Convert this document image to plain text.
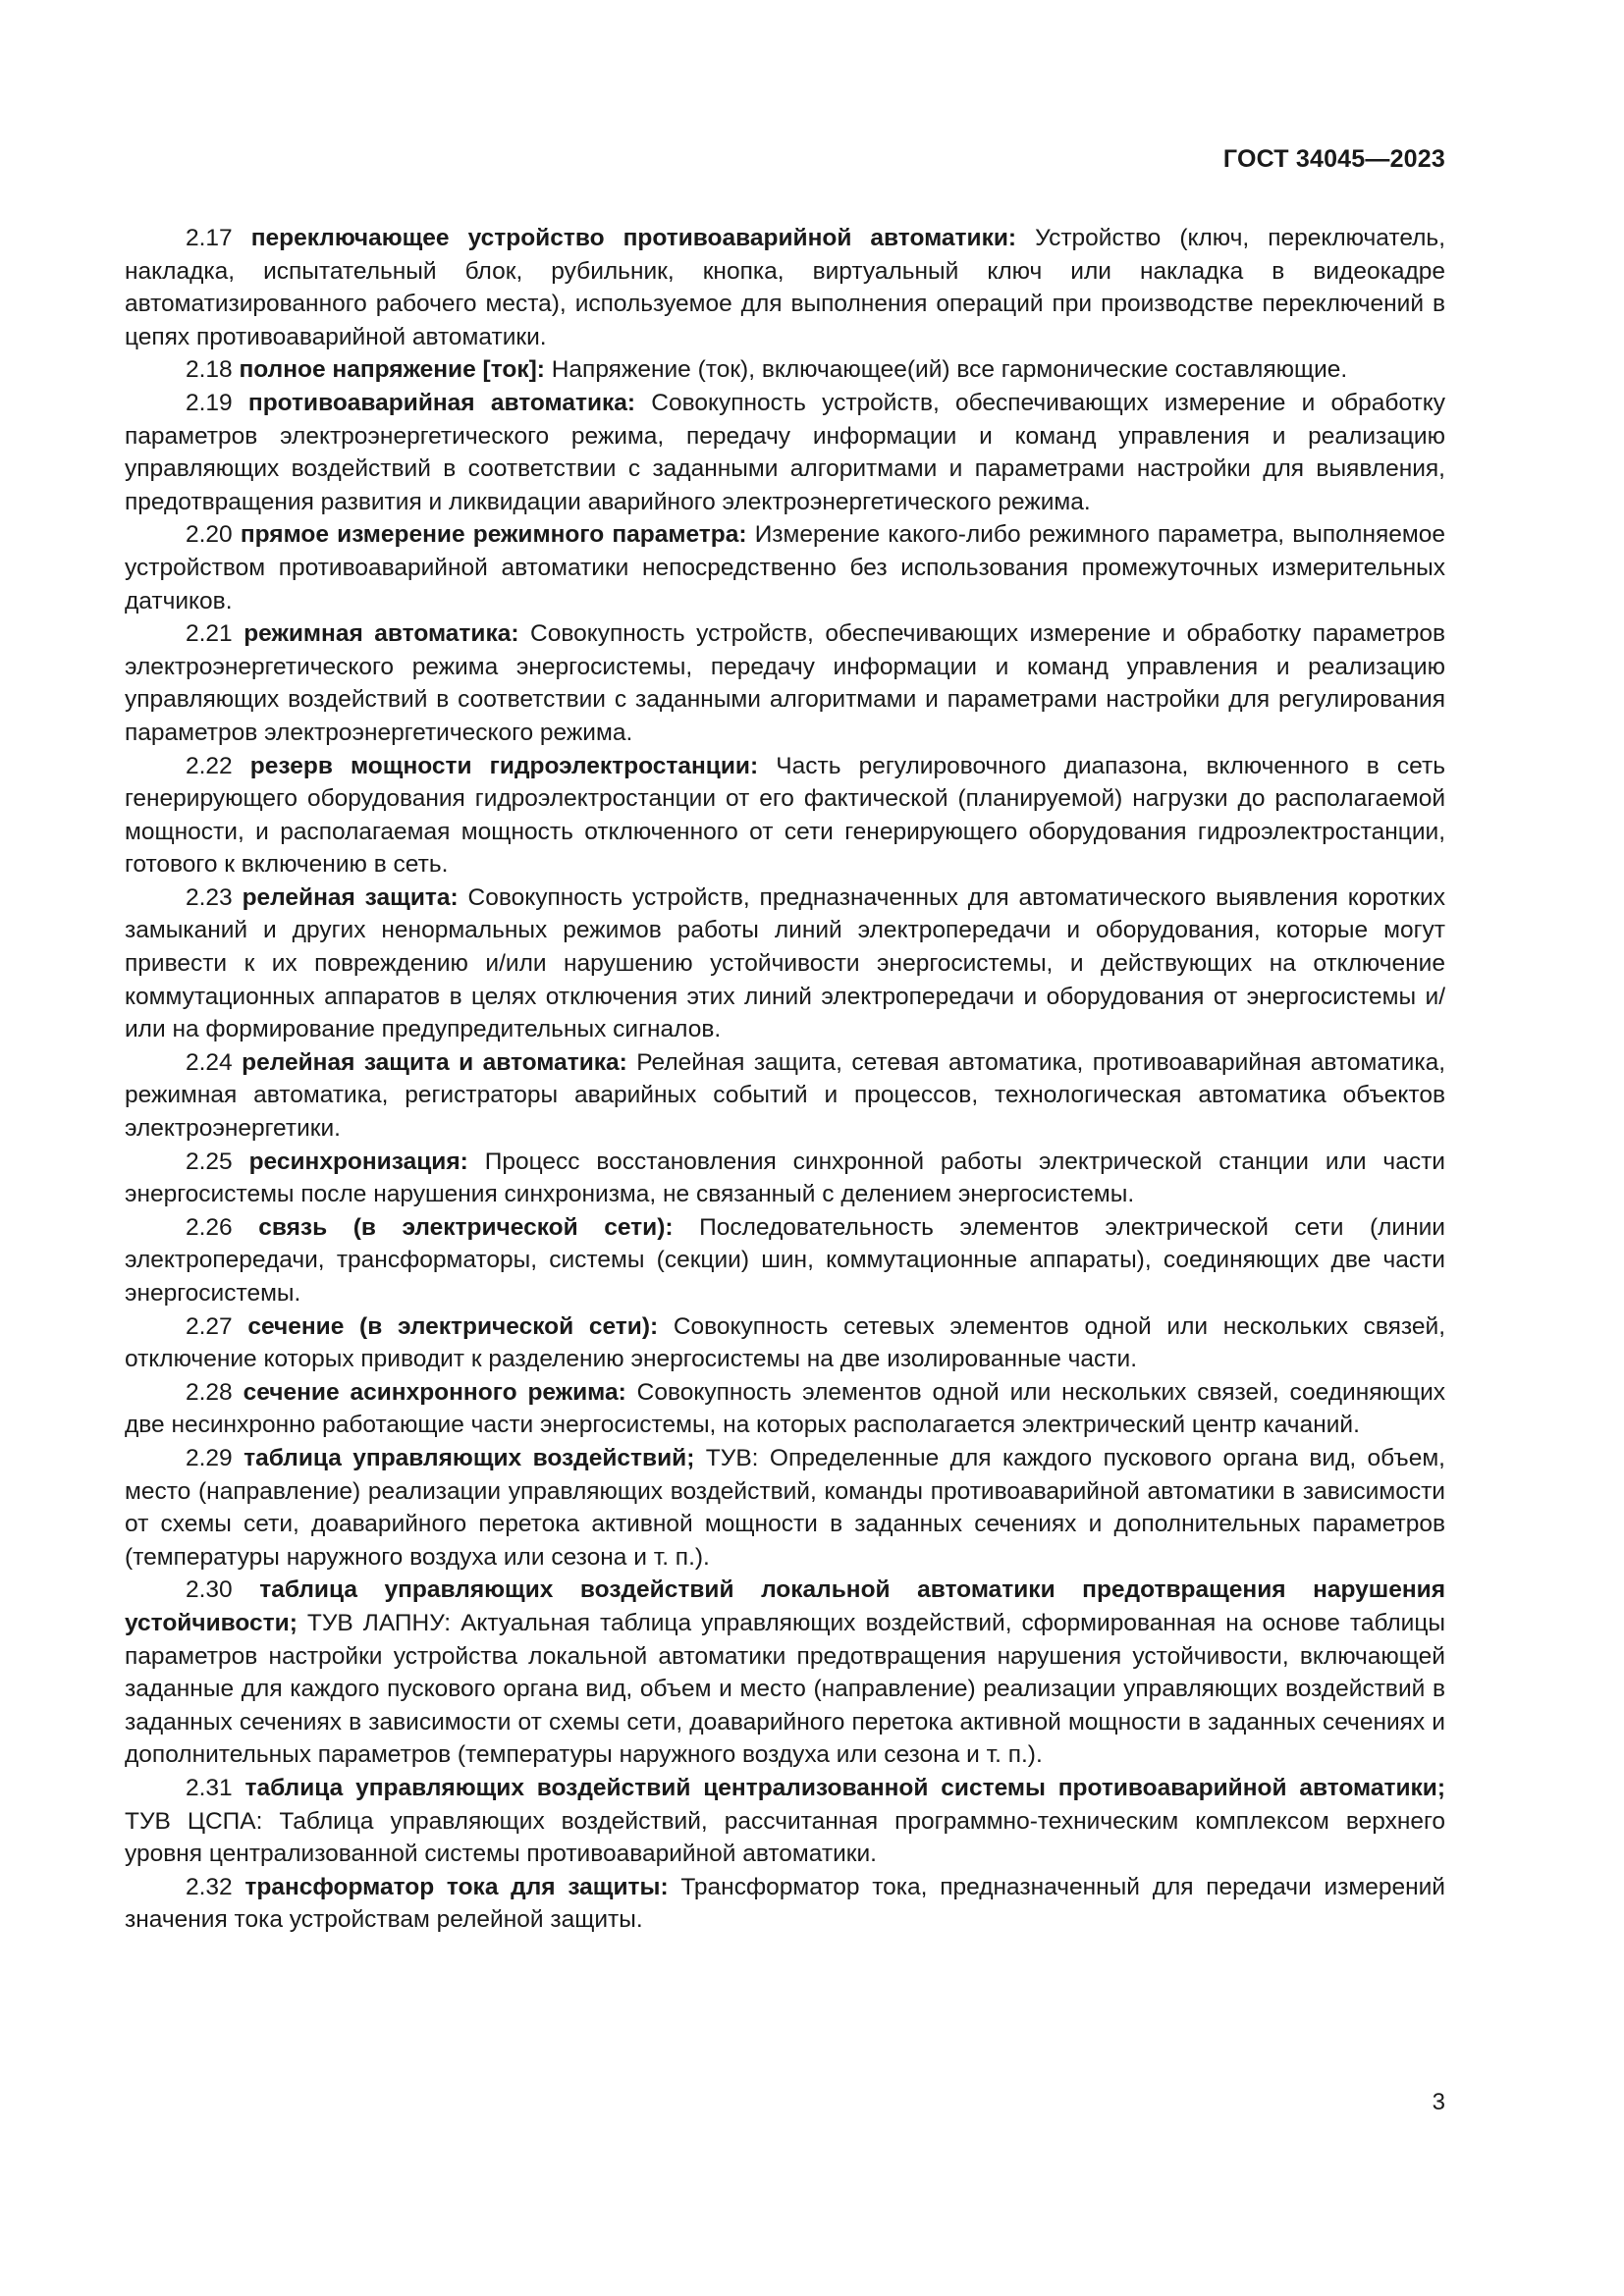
ГОСТ 34045—2023

2.17 переключающее устройство противоаварийной автоматики: Устройство (ключ, переключатель, накладка, испытательный блок, рубильник, кнопка, виртуальный ключ или накладка в видеокадре автоматизированного рабочего места), используемое для выполнения операций при производстве переключений в цепях противоаварийной автоматики.

2.18 полное напряжение [ток]: Напряжение (ток), включающее(ий) все гармонические составляющие.

2.19 противоаварийная автоматика: Совокупность устройств, обеспечивающих измерение и обработку параметров электроэнергетического режима, передачу информации и команд управления и реализацию управляющих воздействий в соответствии с заданными алгоритмами и параметрами настройки для выявления, предотвращения развития и ликвидации аварийного электроэнергетического режима.

2.20 прямое измерение режимного параметра: Измерение какого-либо режимного параметра, выполняемое устройством противоаварийной автоматики непосредственно без использования промежуточных измерительных датчиков.

2.21 режимная автоматика: Совокупность устройств, обеспечивающих измерение и обработку параметров электроэнергетического режима энергосистемы, передачу информации и команд управления и реализацию управляющих воздействий в соответствии с заданными алгоритмами и параметрами настройки для регулирования параметров электроэнергетического режима.

2.22 резерв мощности гидроэлектростанции: Часть регулировочного диапазона, включенного в сеть генерирующего оборудования гидроэлектростанции от его фактической (планируемой) нагрузки до располагаемой мощности, и располагаемая мощность отключенного от сети генерирующего оборудования гидроэлектростанции, готового к включению в сеть.

2.23 релейная защита: Совокупность устройств, предназначенных для автоматического выявления коротких замыканий и других ненормальных режимов работы линий электропередачи и оборудования, которые могут привести к их повреждению и/или нарушению устойчивости энергосистемы, и действующих на отключение коммутационных аппаратов в целях отключения этих линий электропередачи и оборудования от энергосистемы и/или на формирование предупредительных сигналов.

2.24 релейная защита и автоматика: Релейная защита, сетевая автоматика, противоаварийная автоматика, режимная автоматика, регистраторы аварийных событий и процессов, технологическая автоматика объектов электроэнергетики.

2.25 ресинхронизация: Процесс восстановления синхронной работы электрической станции или части энергосистемы после нарушения синхронизма, не связанный с делением энергосистемы.

2.26 связь (в электрической сети): Последовательность элементов электрической сети (линии электропередачи, трансформаторы, системы (секции) шин, коммутационные аппараты), соединяющих две части энергосистемы.

2.27 сечение (в электрической сети): Совокупность сетевых элементов одной или нескольких связей, отключение которых приводит к разделению энергосистемы на две изолированные части.

2.28 сечение асинхронного режима: Совокупность элементов одной или нескольких связей, соединяющих две несинхронно работающие части энергосистемы, на которых располагается электрический центр качаний.

2.29 таблица управляющих воздействий; ТУВ: Определенные для каждого пускового органа вид, объем, место (направление) реализации управляющих воздействий, команды противоаварийной автоматики в зависимости от схемы сети, доаварийного перетока активной мощности в заданных сечениях и дополнительных параметров (температуры наружного воздуха или сезона и т. п.).

2.30 таблица управляющих воздействий локальной автоматики предотвращения нарушения устойчивости; ТУВ ЛАПНУ: Актуальная таблица управляющих воздействий, сформированная на основе таблицы параметров настройки устройства локальной автоматики предотвращения нарушения устойчивости, включающей заданные для каждого пускового органа вид, объем и место (направление) реализации управляющих воздействий в заданных сечениях в зависимости от схемы сети, доаварийного перетока активной мощности в заданных сечениях и дополнительных параметров (температуры наружного воздуха или сезона и т. п.).

2.31 таблица управляющих воздействий централизованной системы противоаварийной автоматики; ТУВ ЦСПА: Таблица управляющих воздействий, рассчитанная программно-техническим комплексом верхнего уровня централизованной системы противоаварийной автоматики.

2.32 трансформатор тока для защиты: Трансформатор тока, предназначенный для передачи измерений значения тока устройствам релейной защиты.

3
